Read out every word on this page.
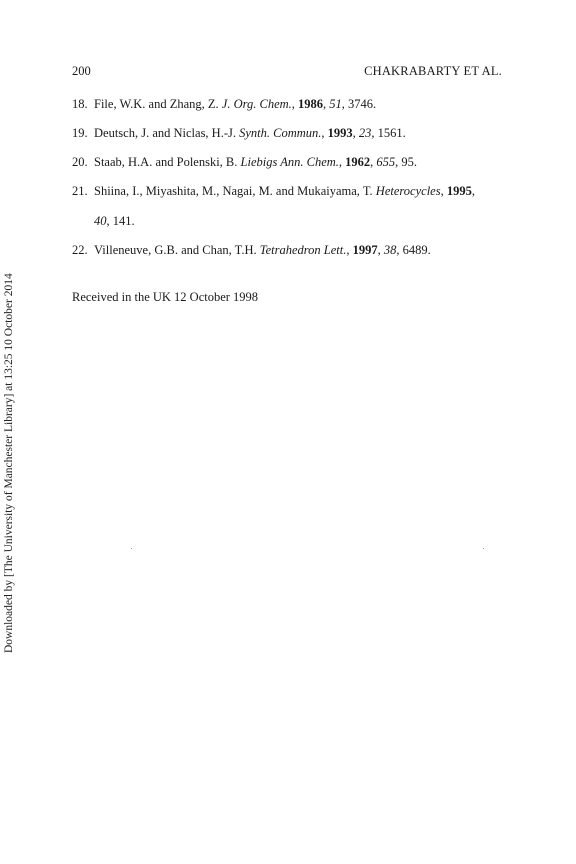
200	CHAKRABARTY ET AL.
18. File, W.K. and Zhang, Z. J. Org. Chem., 1986, 51, 3746.
19. Deutsch, J. and Niclas, H.-J. Synth. Commun., 1993, 23, 1561.
20. Staab, H.A. and Polenski, B. Liebigs Ann. Chem., 1962, 655, 95.
21. Shiina, I., Miyashita, M., Nagai, M. and Mukaiyama, T. Heterocycles, 1995,
40, 141.
22. Villeneuve, G.B. and Chan, T.H. Tetrahedron Lett., 1997, 38, 6489.
Received in the UK 12 October 1998
Downloaded by [The University of Manchester Library] at 13:25 10 October 2014
